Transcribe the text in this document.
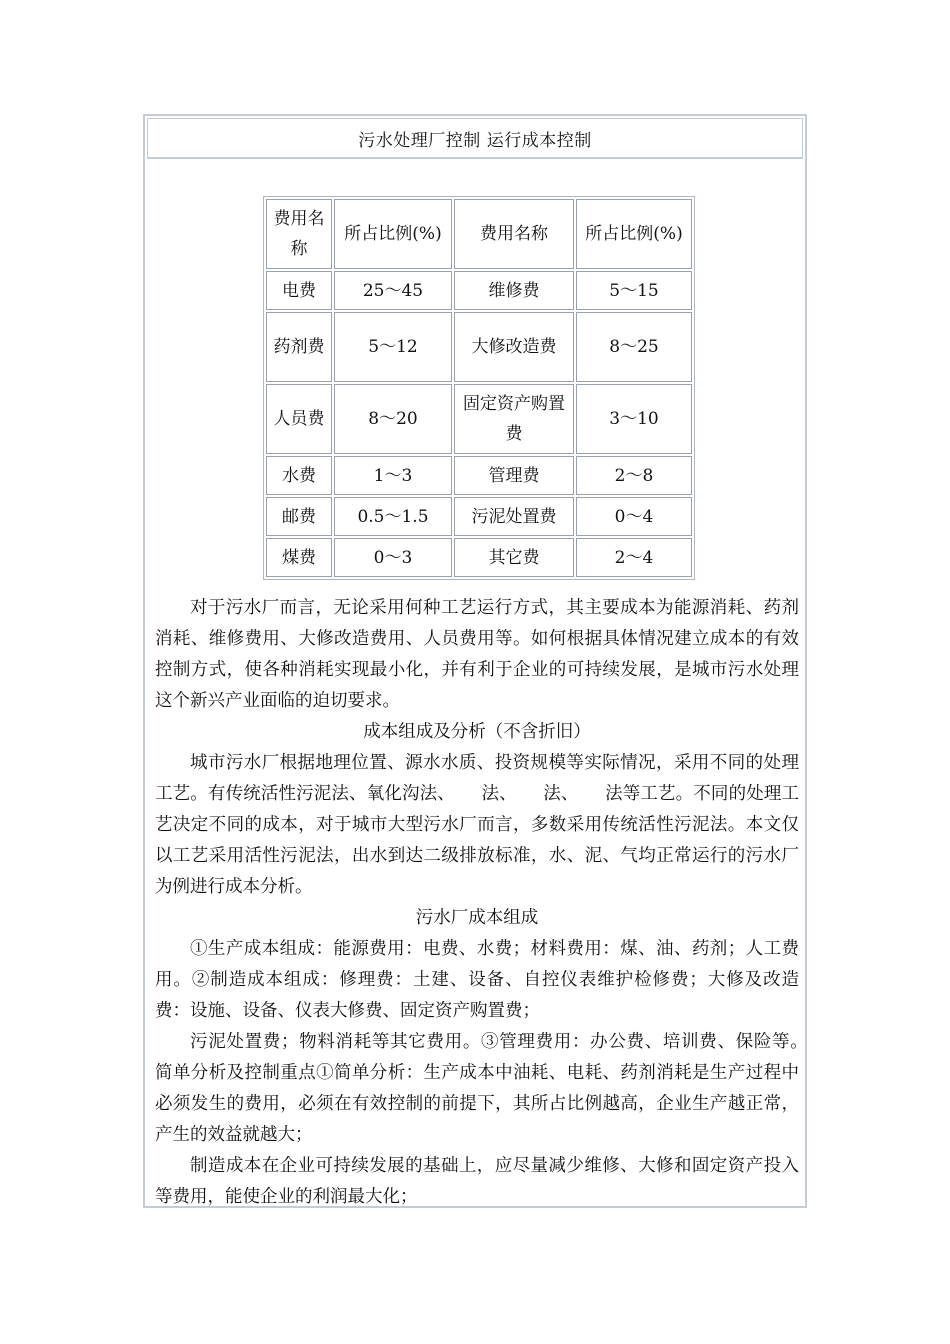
污水处理厂控制 运行成本控制
费用名称	所占比例(%)	费用名称	所占比例(%)
电费	25～45	维修费	5～15
药剂费	5～12	大修改造费	8～25
人员费	8～20	固定资产购置费	3～10
水费	1～3	管理费	2～8
邮费	0.5～1.5	污泥处置费	0～4
煤费	0～3	其它费	2～4

对于污水厂而言，无论采用何种工艺运行方式，其主要成本为能源消耗、药剂消耗、维修费用、大修改造费用、人员费用等。如何根据具体情况建立成本的有效控制方式，使各种消耗实现最小化，并有利于企业的可持续发展，是城市污水处理这个新兴产业面临的迫切要求。

成本组成及分析（不含折旧）

城市污水厂根据地理位置、源水水质、投资规模等实际情况，采用不同的处理工艺。有传统活性污泥法、氧化沟法、　　法、　　法、　　法等工艺。不同的处理工艺决定不同的成本，对于城市大型污水厂而言，多数采用传统活性污泥法。本文仅以工艺采用活性污泥法，出水到达二级排放标准，水、泥、气均正常运行的污水厂为例进行成本分析。

污水厂成本组成

①生产成本组成：能源费用：电费、水费；材料费用：煤、油、药剂；人工费用。②制造成本组成：修理费：土建、设备、自控仪表维护检修费；大修及改造费：设施、设备、仪表大修费、固定资产购置费；

污泥处置费；物料消耗等其它费用。③管理费用：办公费、培训费、保险等。　简单分析及控制重点①简单分析：生产成本中油耗、电耗、药剂消耗是生产过程中必须发生的费用，必须在有效控制的前提下，其所占比例越高，企业生产越正常，产生的效益就越大；

制造成本在企业可持续发展的基础上，应尽量减少维修、大修和固定资产投入等费用，能使企业的利润最大化；
